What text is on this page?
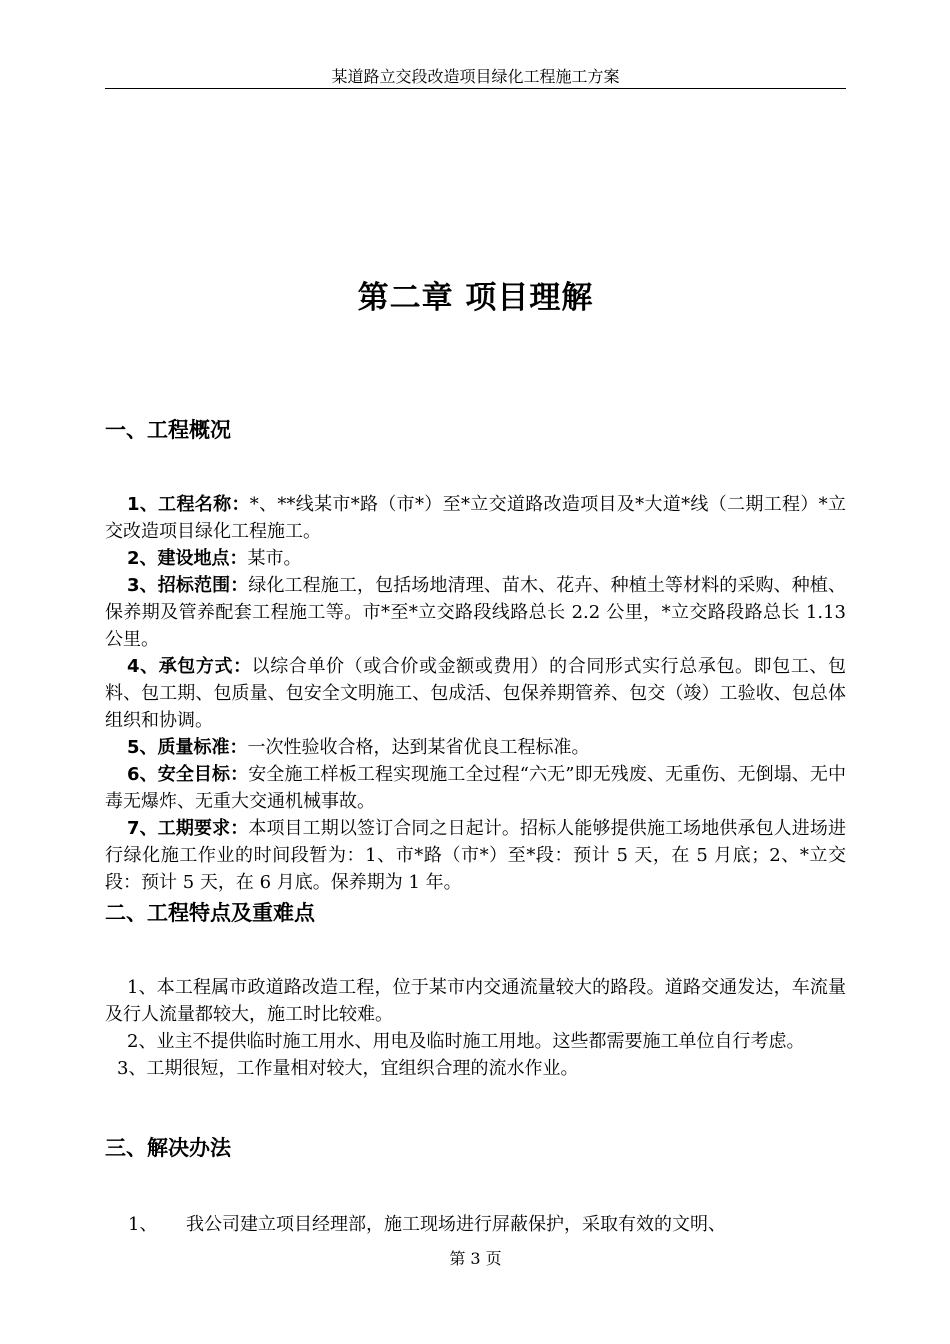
某道路立交段改造项目绿化工程施工方案
第二章 项目理解
一、工程概况

1、工程名称：*、**线某市*路（市*）至*立交道路改造项目及*大道*线（二期工程）*立交改造项目绿化工程施工。

2、建设地点：某市。

3、招标范围：绿化工程施工，包括场地清理、苗木、花卉、种植土等材料的采购、种植、保养期及管养配套工程施工等。市*至*立交路段线路总长 2.2 公里，*立交路段路总长 1.13 公里。

4、承包方式：以综合单价（或合价或金额或费用）的合同形式实行总承包。即包工、包料、包工期、包质量、包安全文明施工、包成活、包保养期管养、包交（竣）工验收、包总体组织和协调。

5、质量标准：一次性验收合格，达到某省优良工程标准。

6、安全目标：安全施工样板工程实现施工全过程“六无”即无残废、无重伤、无倒塌、无中毒无爆炸、无重大交通机械事故。

7、工期要求：本项目工期以签订合同之日起计。招标人能够提供施工场地供承包人进场进行绿化施工作业的时间段暂为：1、市*路（市*）至*段：预计 5 天，在 5 月底；2、*立交段：预计 5 天，在 6 月底。保养期为 1 年。

二、工程特点及重难点

1、本工程属市政道路改造工程，位于某市内交通流量较大的路段。道路交通发达，车流量及行人流量都较大，施工时比较难。

2、业主不提供临时施工用水、用电及临时施工用地。这些都需要施工单位自行考虑。

3、工期很短，工作量相对较大，宜组织合理的流水作业。

三、解决办法
1、 我公司建立项目经理部，施工现场进行屏蔽保护，采取有效的文明、
第 3 页
